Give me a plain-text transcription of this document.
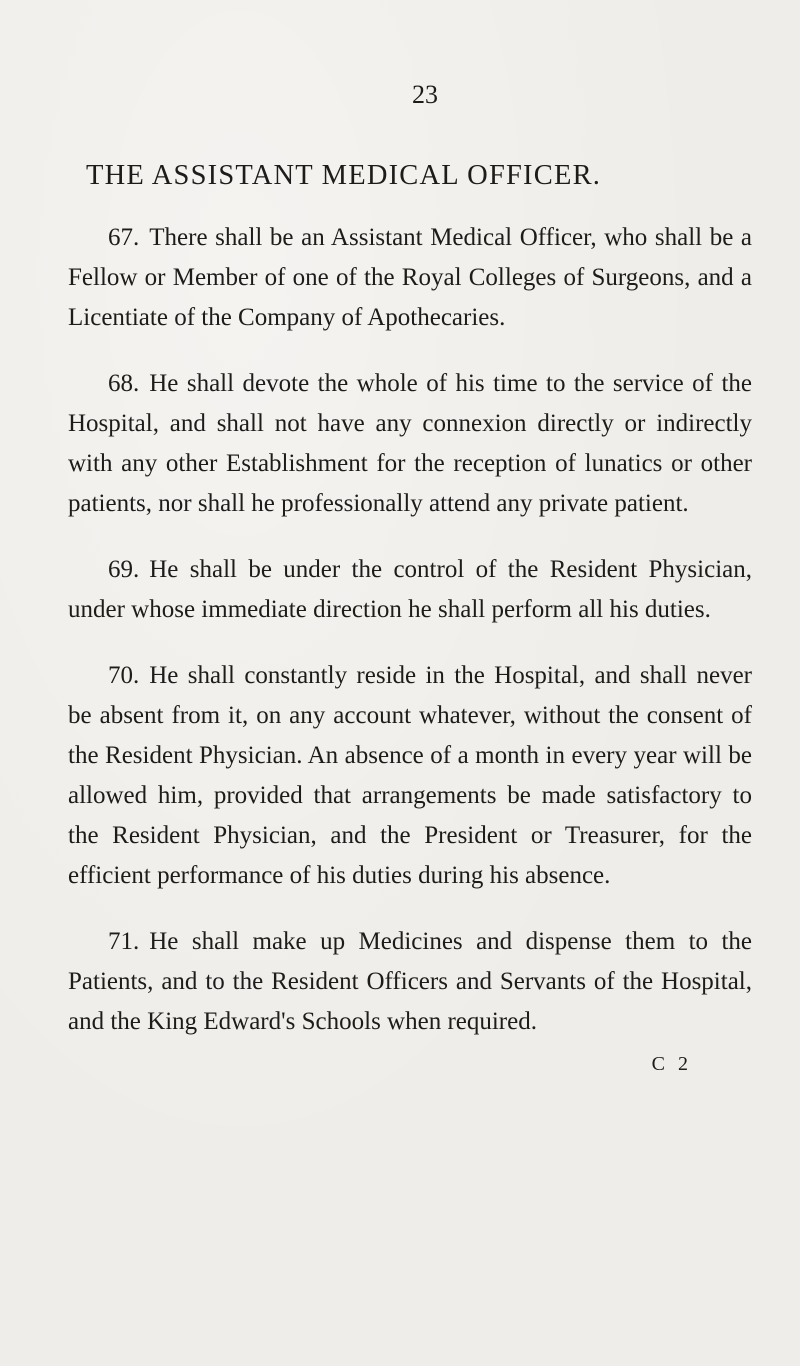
23

THE ASSISTANT MEDICAL OFFICER.

67. There shall be an Assistant Medical Officer, who shall be a Fellow or Member of one of the Royal Colleges of Surgeons, and a Licentiate of the Company of Apothecaries.

68. He shall devote the whole of his time to the service of the Hospital, and shall not have any connexion directly or indirectly with any other Establishment for the reception of lunatics or other patients, nor shall he professionally attend any private patient.

69. He shall be under the control of the Resident Physician, under whose immediate direction he shall perform all his duties.

70. He shall constantly reside in the Hospital, and shall never be absent from it, on any account whatever, without the consent of the Resident Physician. An absence of a month in every year will be allowed him, provided that arrangements be made satisfactory to the Resident Physician, and the President or Treasurer, for the efficient performance of his duties during his absence.

71. He shall make up Medicines and dispense them to the Patients, and to the Resident Officers and Servants of the Hospital, and the King Edward's Schools when required.

C 2
